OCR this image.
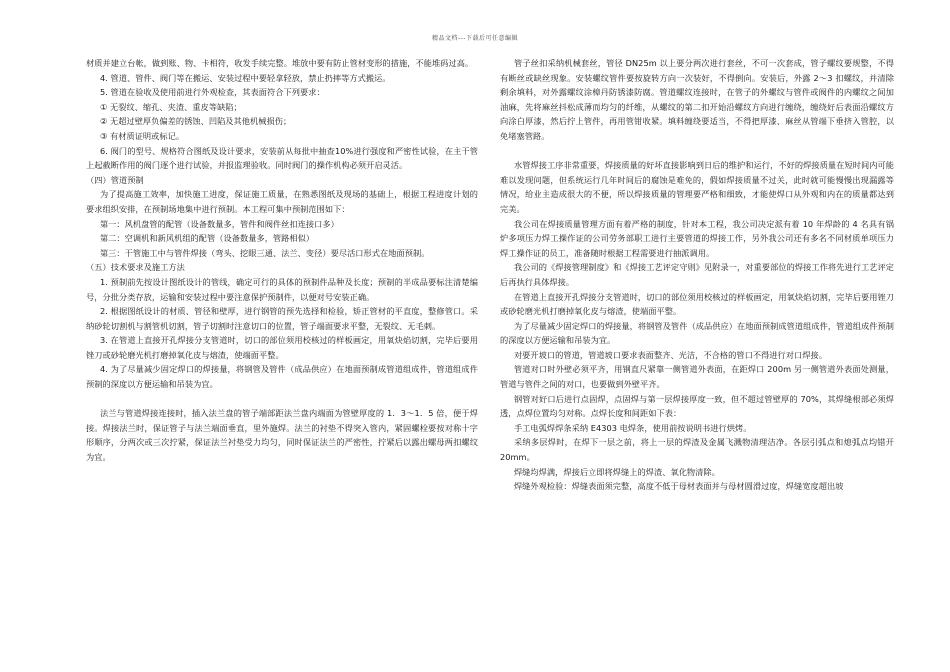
精品文档---下载后可任意编辑

材质并建立台帐，做到账、物、卡相符，收发手续完整。堆放中要有防止管材变形的措施，不能堆码过高。

4. 管道、管件、阀门等在搬运、安装过程中要轻拿轻放，禁止扔摔等方式搬运。

5. 管道在验收及使用前进行外观检查，其表面符合下列要求：

① 无裂纹、缩孔、夹渣、重皮等缺陷；

② 无超过壁厚负偏差的锈蚀、凹陷及其他机械损伤；

③ 有材质证明或标记。

6. 阀门的型号、规格符合图纸及设计要求，安装前从每批中抽查10%进行强度和严密性试验，在主干管上起截断作用的阀门逐个进行试验，并报监理验收。同时阀门的操作机构必须开启灵活。

（四）管道预制

为了提高施工效率，加快施工进度，保证施工质量，在熟悉图纸及现场的基础上，根据工程进度计划的要求组织安排，在预制场地集中进行预制。本工程可集中预制范围如下：

第一：风机盘管的配管（设备数量多，管件和阀件丝扣连接口多）

第二：空调机和新风机组的配管（设备数量多，管路相似）

第三：干管施工中与管件焊接（弯头、挖眼三通、法兰、变径）要尽活口形式在地面预制。

（五）技术要求及施工方法

1. 预制前先按设计图纸设计的管线，确定可行的具体的预制件品种及长度；预制的半成品要标注清楚编号，分批分类存放，运输和安装过程中要注意保护预制件，以便对号安装正确。

2. 根据图纸设计的材质、管径和壁厚，进行钢管的预先选择和检验，矫正管材的平直度，整修管口。采纳砂轮切割机与割管机切割，管子切割时注意切口的位置，管子端面要求平整，无裂纹、无毛刺。

3. 在管道上直接开孔焊接分支管道时，切口的部位须用校核过的样板画定，用氧炔焰切割，完毕后要用锉刀或砂轮磨光机打磨掉氧化皮与熔渣，使端面平整。

4. 为了尽量减少固定焊口的焊接量，将钢管及管件（成品供应）在地面预制成管道组成件，管道组成件预制的深度以方便运输和吊装为宜。

法兰与管道焊接连接时，插入法兰盘的管子端部距法兰盘内端面为管壁厚度的 1．3～1．5 倍，便于焊接。焊接法兰时，保证管子与法兰端面垂直，里外施焊。法兰的衬垫不得突入管内，紧固螺栓要按对称十字形顺序，分两次或三次拧紧，保证法兰衬垫受力均匀，同时保证法兰的严密性，拧紧后以露出螺母两扣螺纹为宜。

管子丝扣采纳机械套丝，管径 DN25m 以上要分两次进行套丝，不可一次套成，管子螺纹要规整，不得有断丝或缺丝现象。安装螺纹管件要按旋转方向一次装好，不得倒向。安装后，外露 2～3 扣螺纹，并清除剩余填料，对外露螺纹涂樟丹防锈漆防腐。管道螺纹连接时，在管子的外螺纹与管件或阀件的内螺纹之间加油麻，先将麻丝抖松成薄而均匀的纤维，从螺纹的第二扣开始沿螺纹方向进行缠绕，缠绕好后表面沿螺纹方向涂白厚漆，然后拧上管件，再用管钳收紧。填料缠绕要适当，不得把厚漆、麻丝从管端下垂挤入管腔，以免堵塞管路。

水管焊接工序非常重要，焊接质量的好坏直接影响到日后的维护和运行，不好的焊接质量在短时间内可能难以发现问题，但系统运行几年时间后的腐蚀是难免的，假如焊接质量不过关，此时就可能慢慢出现漏露等情况，给业主造成很大的不便，所以焊接质量的管理要严格和细致，才能使焊口从外观和内在的质量都达到完美。

我公司在焊接质量管理方面有着严格的制度，针对本工程，我公司决定派有着 10 年焊龄的 4 名具有锅炉多项压力焊工操作证的公司劳务部职工进行主要管道的焊接工作，另外我公司还有多名不同材质单项压力焊工操作证的员工，准备随时根据工程需要进行抽派调用。

我公司的《焊接管理制度》和《焊接工艺评定守则》见附录一，对重要部位的焊接工作将先进行工艺评定后再执行具体焊接。

在管道上直接开孔焊接分支管道时，切口的部位须用校核过的样板画定，用氧炔焰切割，完毕后要用锉刀或砂轮磨光机打磨掉氧化皮与熔渣，使端面平整。

为了尽量减少固定焊口的焊接量，将钢管及管件（成品供应）在地面预制成管道组成件，管道组成件预制的深度以方便运输和吊装为宜。

对要开坡口的管道，管道坡口要求表面整齐、光洁，不合格的管口不得进行对口焊接。

管道对口时外壁必须平齐，用钢直尺紧靠一侧管道外表面，在距焊口 200m 另一侧管道外表面处测量，管道与管件之间的对口，也要做到外壁平齐。

钢管对好口后进行点固焊，点固焊与第一层焊接厚度一致，但不超过管壁厚的 70%，其焊缝根部必须焊透，点焊位置均匀对称。点焊长度和间距如下表：

手工电弧焊焊条采纳 E4303 电焊条，使用前按说明书进行烘烤。

采纳多层焊时，在焊下一层之前，将上一层的焊渣及金属飞溅物清理洁净。各层引弧点和熄弧点均错开 20mm。

焊缝均焊满，焊接后立即将焊缝上的焊渣、氧化物清除。

焊缝外观检验：焊缝表面须完整，高度不低于母材表面并与母材圆滑过度，焊缝宽度超出坡
